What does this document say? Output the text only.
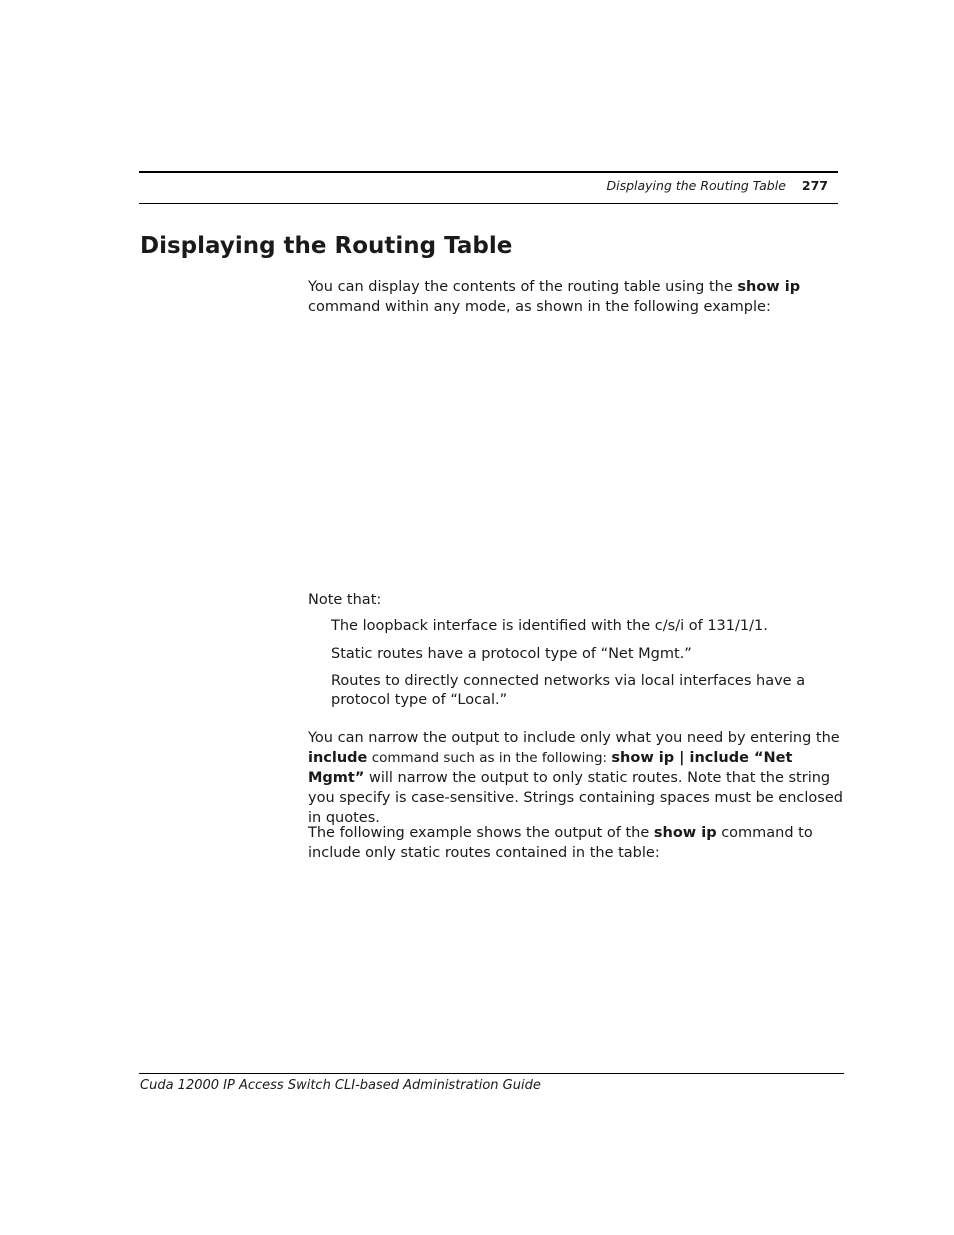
Displaying the Routing Table 277
Displaying the Routing Table

You can display the contents of the routing table using the show ip
command within any mode, as shown in the following example:

Note that:

The loopback interface is identified with the c/s/i of 131/1/1.

Static routes have a protocol type of “Net Mgmt.”

Routes to directly connected networks via local interfaces have a protocol type of “Local.”

You can narrow the output to include only what you need by entering the
include command such as in the following: show ip | include “Net Mgmt” will narrow the output to only static routes. Note that the string you specify is case-sensitive. Strings containing spaces must be enclosed in quotes.

The following example shows the output of the show ip command to include only static routes contained in the table:

Cuda 12000 IP Access Switch CLI-based Administration Guide
